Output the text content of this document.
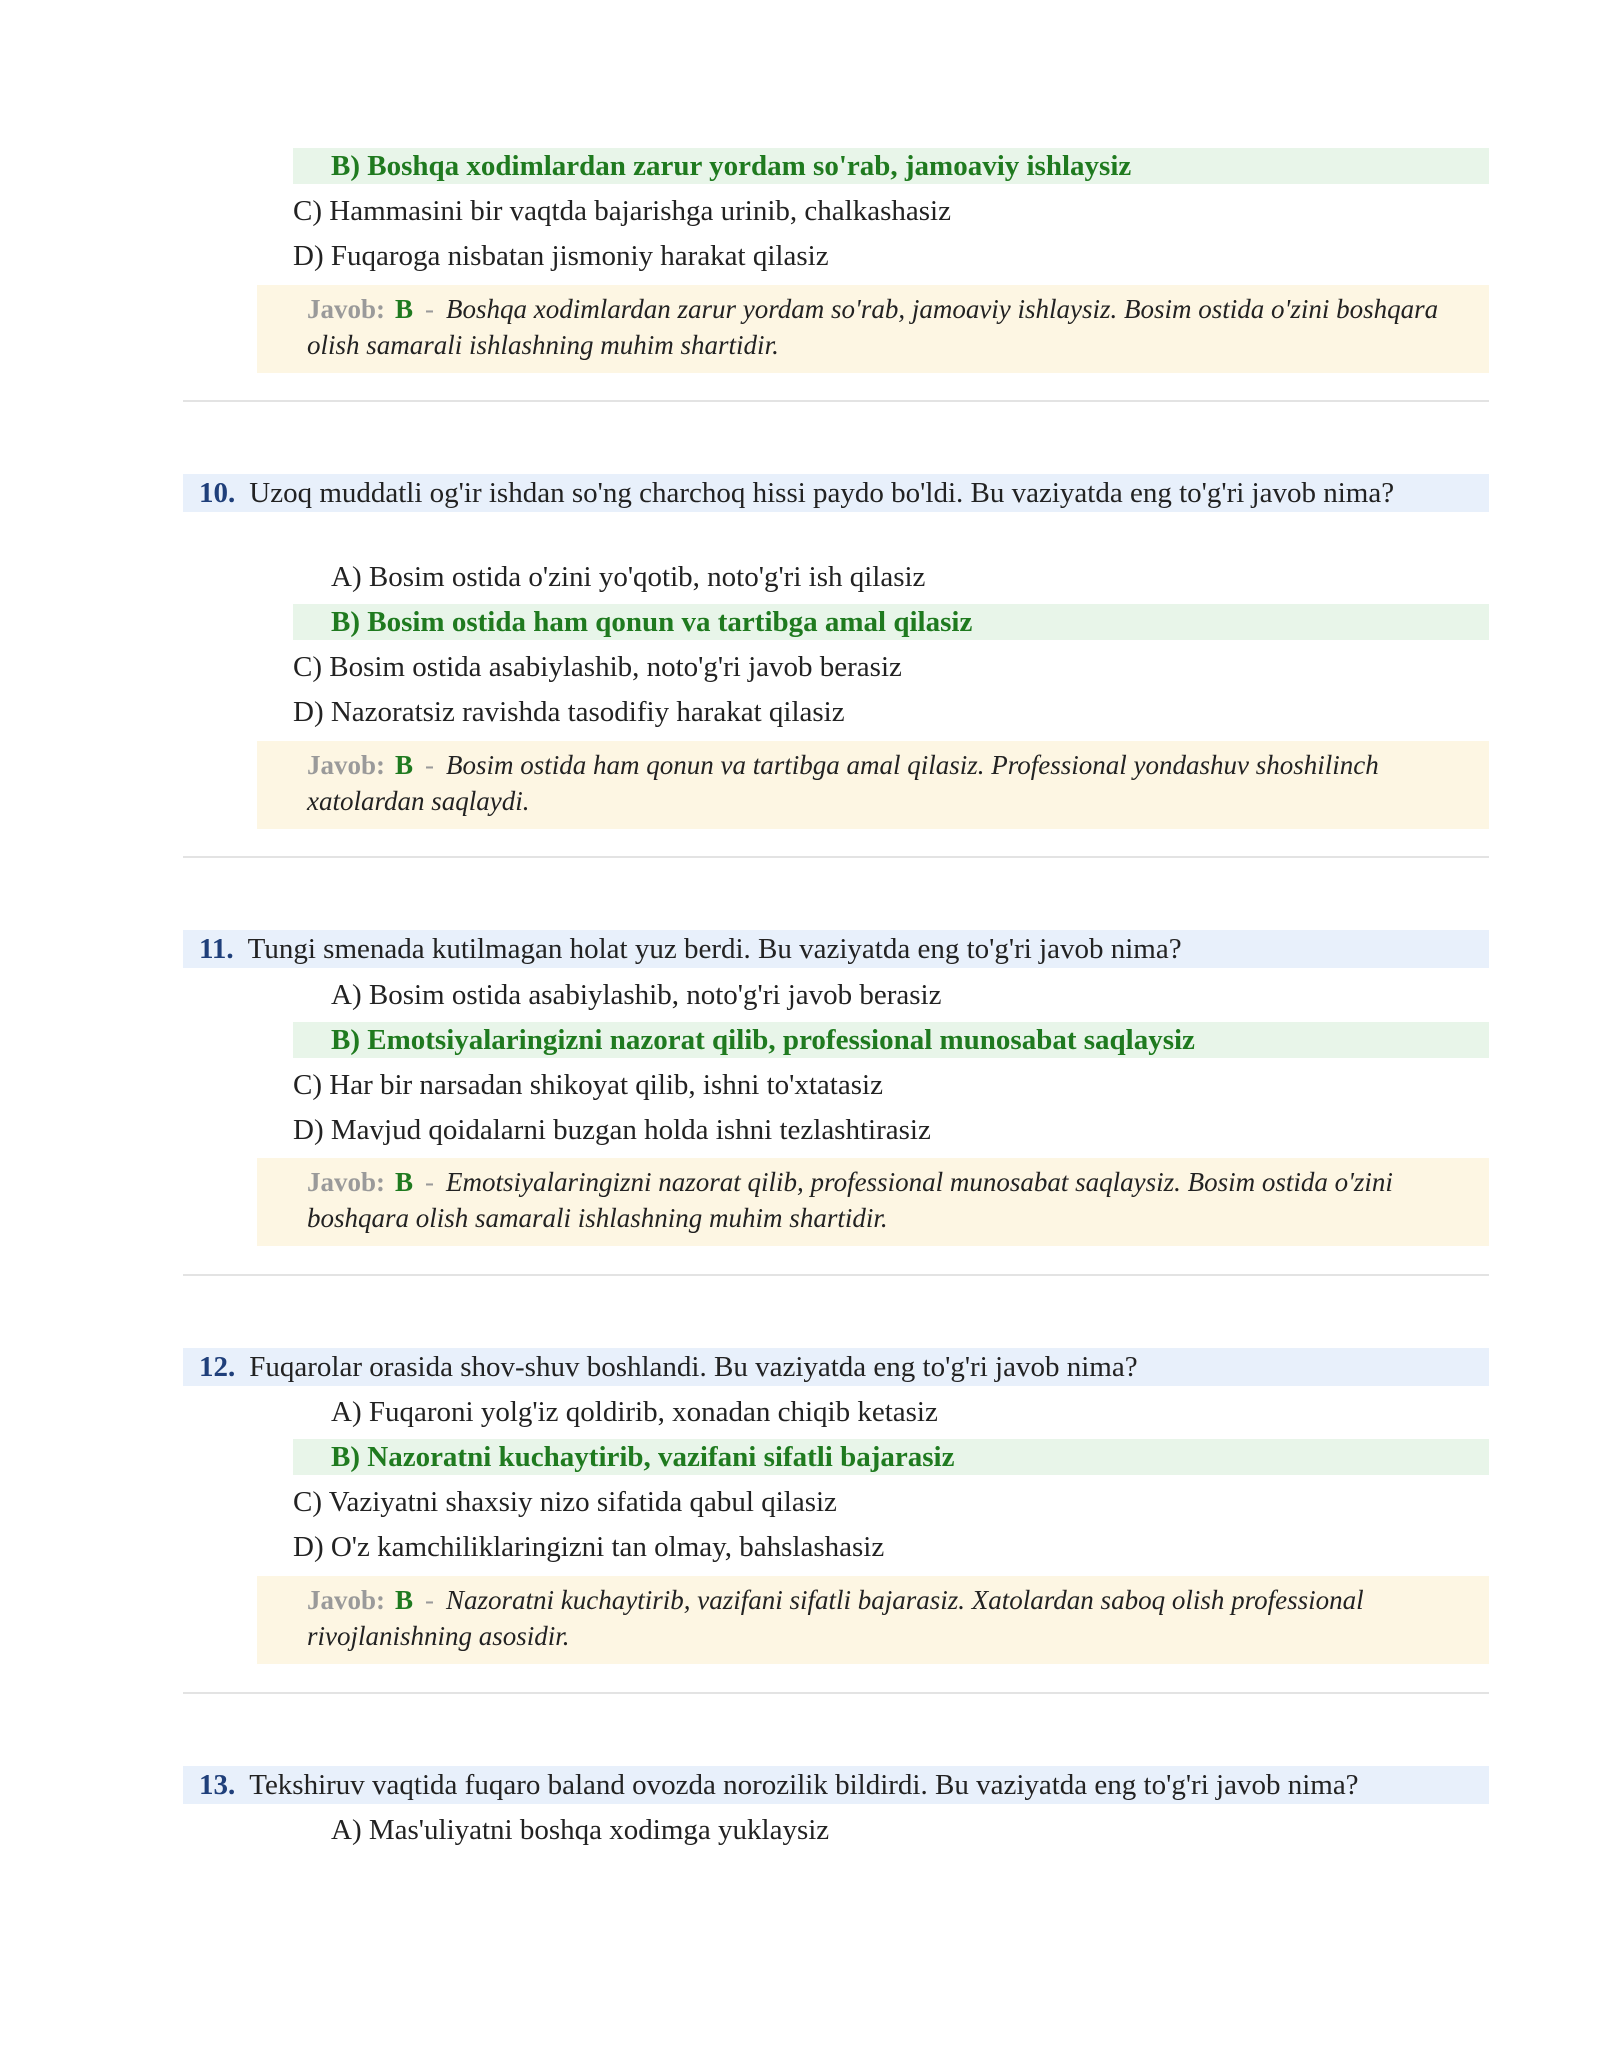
B) Boshqa xodimlardan zarur yordam so'rab, jamoaviy ishlaysiz
C) Hammasini bir vaqtda bajarishga urinib, chalkashasiz
D) Fuqaroga nisbatan jismoniy harakat qilasiz
Javob: B - Boshqa xodimlardan zarur yordam so'rab, jamoaviy ishlaysiz. Bosim ostida o'zini boshqara olish samarali ishlashning muhim shartidir.
10. Uzoq muddatli og'ir ishdan so'ng charchoq hissi paydo bo'ldi. Bu vaziyatda eng to'g'ri javob nima?
A) Bosim ostida o'zini yo'qotib, noto'g'ri ish qilasiz
B) Bosim ostida ham qonun va tartibga amal qilasiz
C) Bosim ostida asabiylashib, noto'g'ri javob berasiz
D) Nazoratsiz ravishda tasodifiy harakat qilasiz
Javob: B - Bosim ostida ham qonun va tartibga amal qilasiz. Professional yondashuv shoshilinch xatolardan saqlaydi.
11. Tungi smenada kutilmagan holat yuz berdi. Bu vaziyatda eng to'g'ri javob nima?
A) Bosim ostida asabiylashib, noto'g'ri javob berasiz
B) Emotsiyalaringizni nazorat qilib, professional munosabat saqlaysiz
C) Har bir narsadan shikoyat qilib, ishni to'xtatasiz
D) Mavjud qoidalarni buzgan holda ishni tezlashtirasiz
Javob: B - Emotsiyalaringizni nazorat qilib, professional munosabat saqlaysiz. Bosim ostida o'zini boshqara olish samarali ishlashning muhim shartidir.
12. Fuqarolar orasida shov-shuv boshlandi. Bu vaziyatda eng to'g'ri javob nima?
A) Fuqaroni yolg'iz qoldirib, xonadan chiqib ketasiz
B) Nazoratni kuchaytirib, vazifani sifatli bajarasiz
C) Vaziyatni shaxsiy nizo sifatida qabul qilasiz
D) O'z kamchiliklaringizni tan olmay, bahslashasiz
Javob: B - Nazoratni kuchaytirib, vazifani sifatli bajarasiz. Xatolardan saboq olish professional rivojlanishning asosidir.
13. Tekshiruv vaqtida fuqaro baland ovozda norozilik bildirdi. Bu vaziyatda eng to'g'ri javob nima?
A) Mas'uliyatni boshqa xodimga yuklaysiz
